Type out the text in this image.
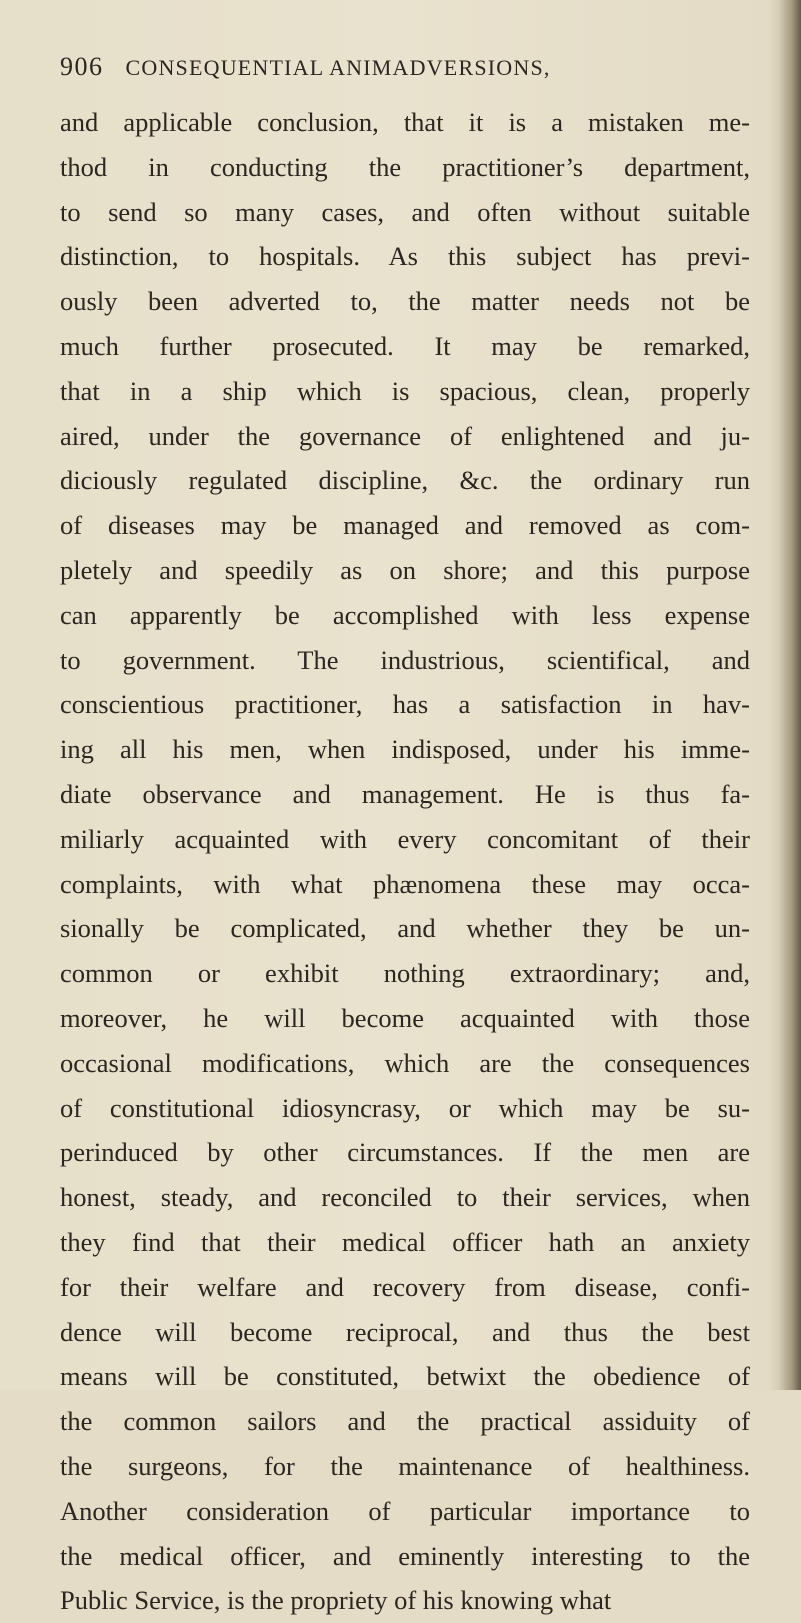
906 CONSEQUENTIAL ANIMADVERSIONS,
and applicable conclusion, that it is a mistaken me-
thod in conducting the practitioner’s department,
to send so many cases, and often without suitable
distinction, to hospitals. As this subject has previ-
ously been adverted to, the matter needs not be
much further prosecuted. It may be remarked,
that in a ship which is spacious, clean, properly
aired, under the governance of enlightened and ju-
diciously regulated discipline, &c. the ordinary run
of diseases may be managed and removed as com-
pletely and speedily as on shore; and this purpose
can apparently be accomplished with less expense
to government. The industrious, scientifical, and
conscientious practitioner, has a satisfaction in hav-
ing all his men, when indisposed, under his imme-
diate observance and management. He is thus fa-
miliarly acquainted with every concomitant of their
complaints, with what phænomena these may occa-
sionally be complicated, and whether they be un-
common or exhibit nothing extraordinary; and,
moreover, he will become acquainted with those
occasional modifications, which are the consequences
of constitutional idiosyncrasy, or which may be su-
perinduced by other circumstances. If the men are
honest, steady, and reconciled to their services, when
they find that their medical officer hath an anxiety
for their welfare and recovery from disease, confi-
dence will become reciprocal, and thus the best
means will be constituted, betwixt the obedience of
the common sailors and the practical assiduity of
the surgeons, for the maintenance of healthiness.
Another consideration of particular importance to
the medical officer, and eminently interesting to the
Public Service, is the propriety of his knowing what
